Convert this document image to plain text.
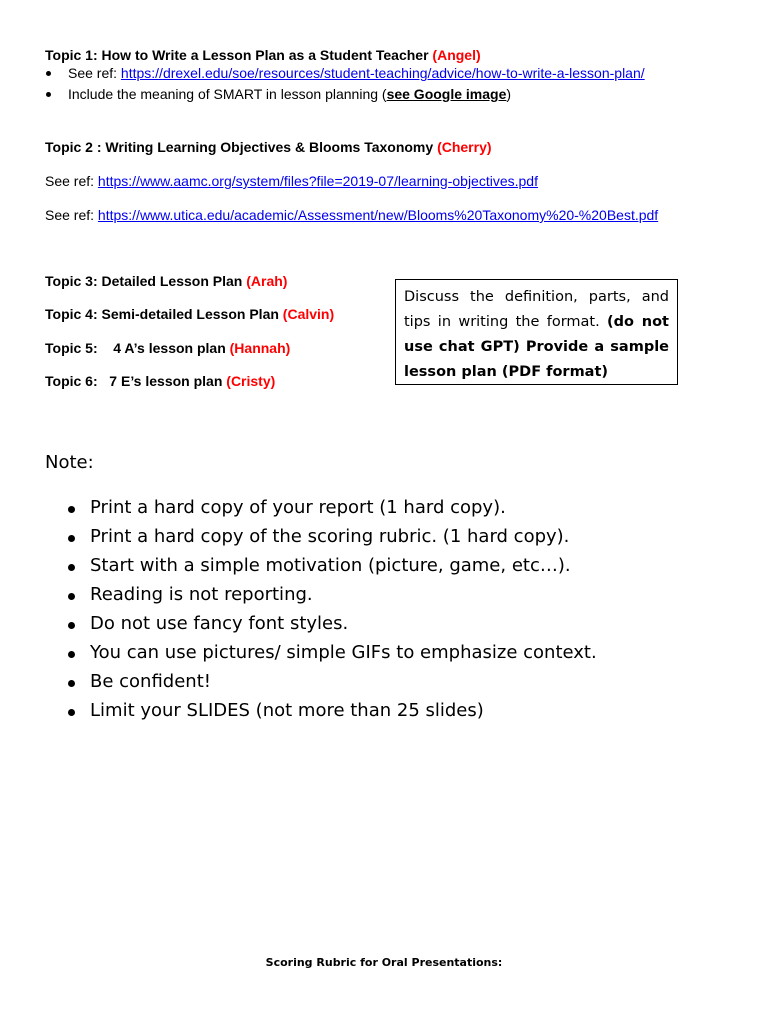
Topic 1: How to Write a Lesson Plan as a Student Teacher (Angel)
See ref: https://drexel.edu/soe/resources/student-teaching/advice/how-to-write-a-lesson-plan/
Include the meaning of SMART in lesson planning (see Google image)
Topic 2 : Writing Learning Objectives & Blooms Taxonomy (Cherry)
See ref: https://www.aamc.org/system/files?file=2019-07/learning-objectives.pdf
See ref: https://www.utica.edu/academic/Assessment/new/Blooms%20Taxonomy%20-%20Best.pdf
Topic 3: Detailed Lesson Plan (Arah)
Topic 4: Semi-detailed Lesson Plan (Calvin)
Topic 5:    4 A’s lesson plan (Hannah)
Topic 6:   7 E’s lesson plan (Cristy)
Discuss the definition, parts, and tips in writing the format. (do not use chat GPT) Provide a sample lesson plan (PDF format)
Note:
Print a hard copy of your report (1 hard copy).
Print a hard copy of the scoring rubric. (1 hard copy).
Start with a simple motivation (picture, game, etc…).
Reading is not reporting.
Do not use fancy font styles.
You can use pictures/ simple GIFs to emphasize context.
Be confident!
Limit your SLIDES (not more than 25 slides)
Scoring Rubric for Oral Presentations:
